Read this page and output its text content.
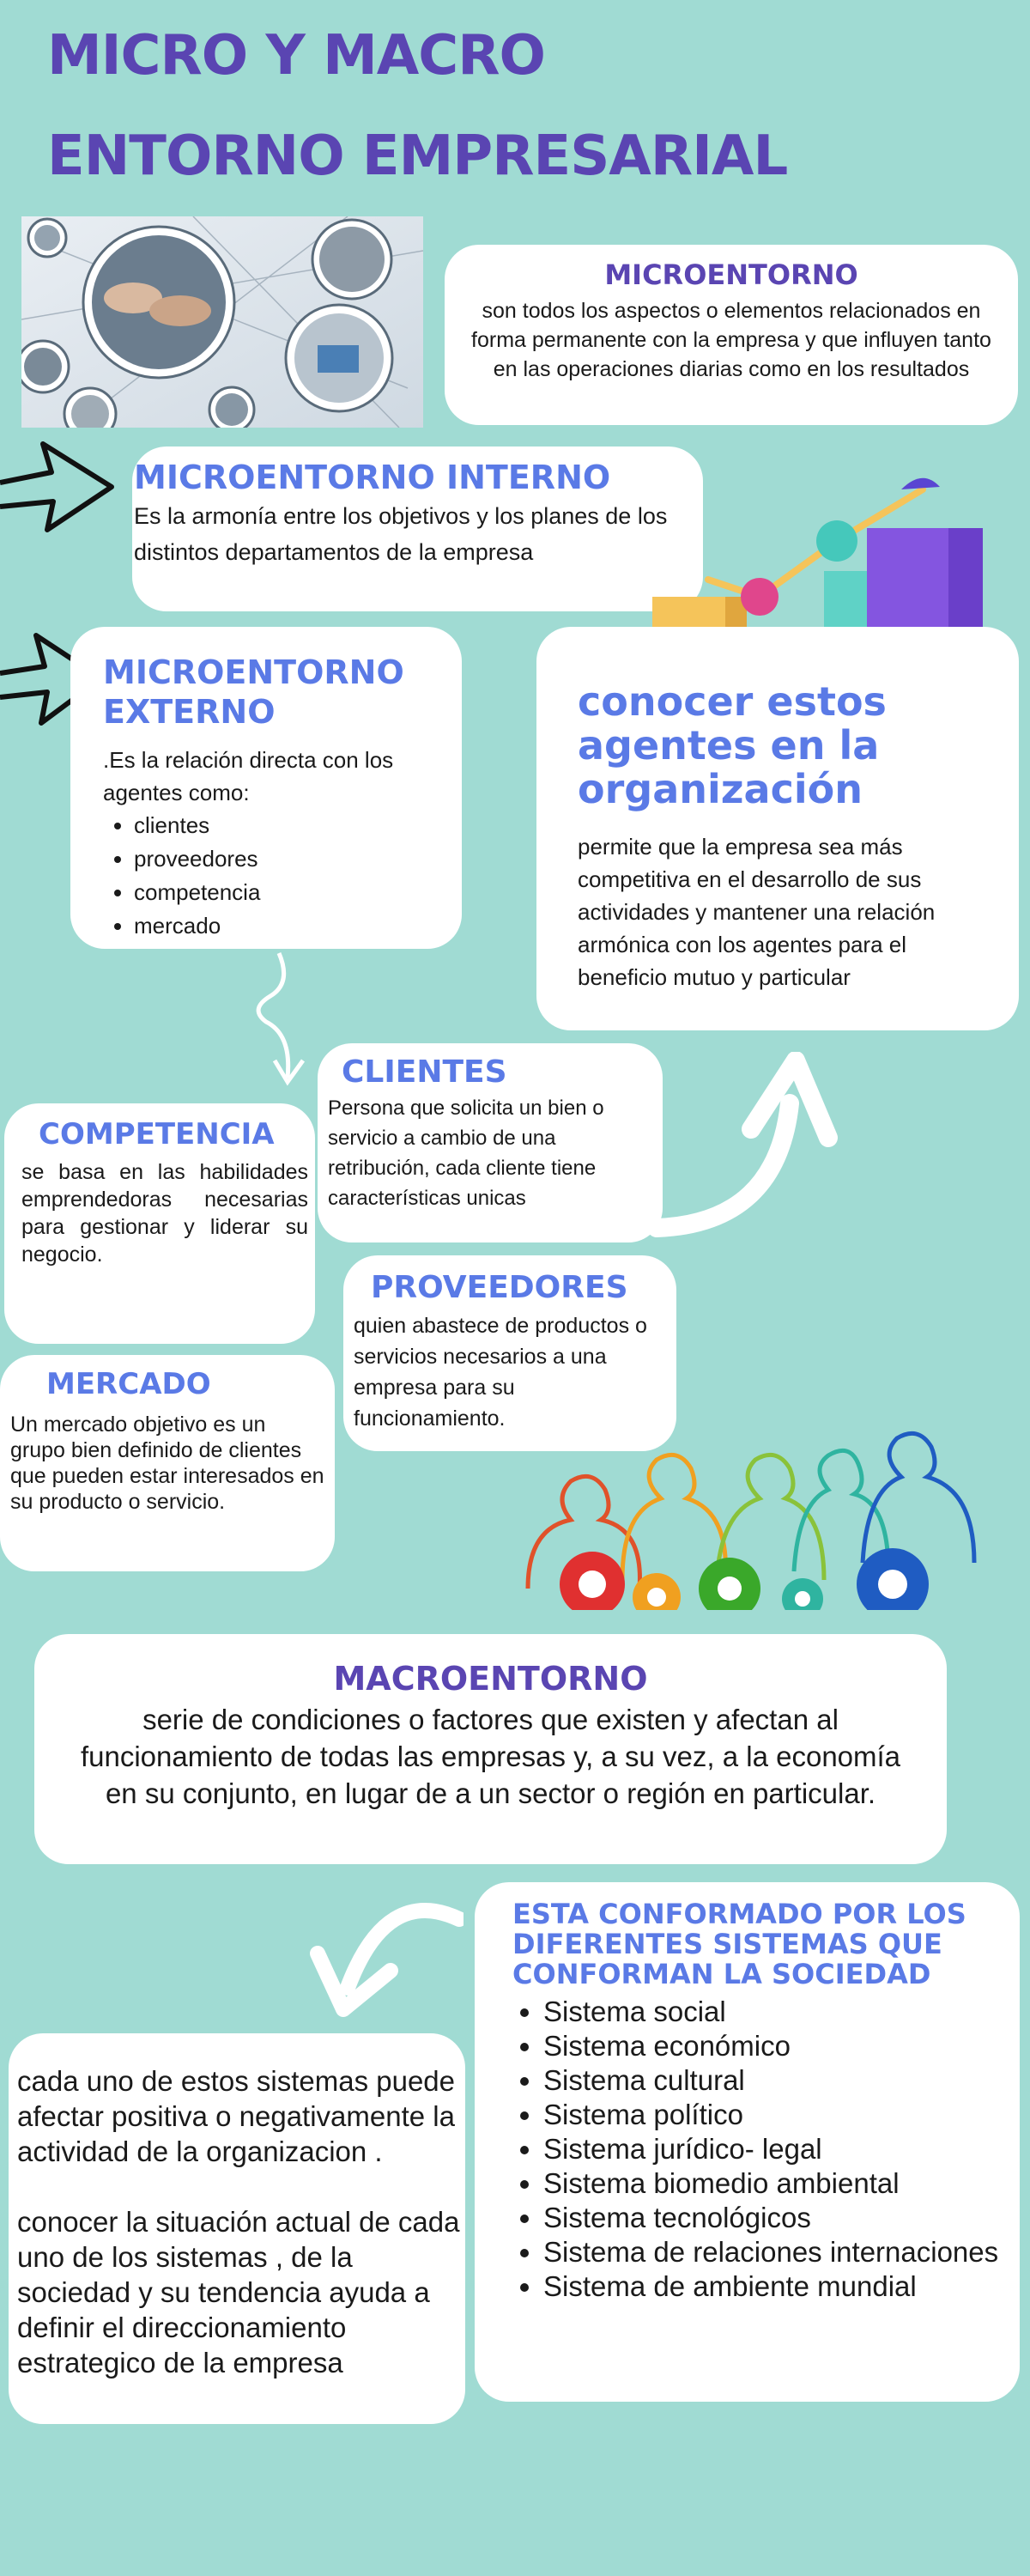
MICRO Y MACRO
ENTORNO EMPRESARIAL
MICROENTORNO
son todos los aspectos o elementos relacionados en forma permanente con la empresa y que influyen tanto en las operaciones diarias como en los resultados
MICROENTORNO INTERNO
Es la armonía entre los objetivos y los planes de los distintos departamentos de la empresa
MICROENTORNO
EXTERNO
.Es la relación directa con los agentes como:
• clientes
• proveedores
• competencia
• mercado
conocer estos agentes en la organización
permite que la empresa sea más competitiva en el desarrollo de sus actividades y mantener una relación armónica con los agentes para el beneficio mutuo y particular
CLIENTES
Persona que solicita un bien o servicio a cambio de una retribución, cada cliente tiene características unicas
COMPETENCIA
se basa en las habilidades emprendedoras necesarias para gestionar y liderar su negocio.
PROVEEDORES
quien abastece de productos o servicios necesarios a una empresa para su funcionamiento.
MERCADO
Un mercado objetivo es un grupo bien definido de clientes que pueden estar interesados en su producto o servicio.
MACROENTORNO
serie de condiciones o factores que existen y afectan al funcionamiento de todas las empresas y, a su vez, a la economía en su conjunto, en lugar de a un sector o región en particular.
ESTA CONFORMADO POR LOS DIFERENTES SISTEMAS QUE CONFORMAN LA SOCIEDAD
• Sistema social
• Sistema económico
• Sistema cultural
• Sistema político
• Sistema jurídico- legal
• Sistema biomedio ambiental
• Sistema tecnológicos
• Sistema de relaciones internaciones
• Sistema de ambiente mundial
cada uno de estos sistemas puede afectar positiva o negativamente la actividad de la organizacion .
conocer la situación actual de cada uno de los sistemas , de la sociedad y su tendencia ayuda a definir el direccionamiento estrategico de la empresa
